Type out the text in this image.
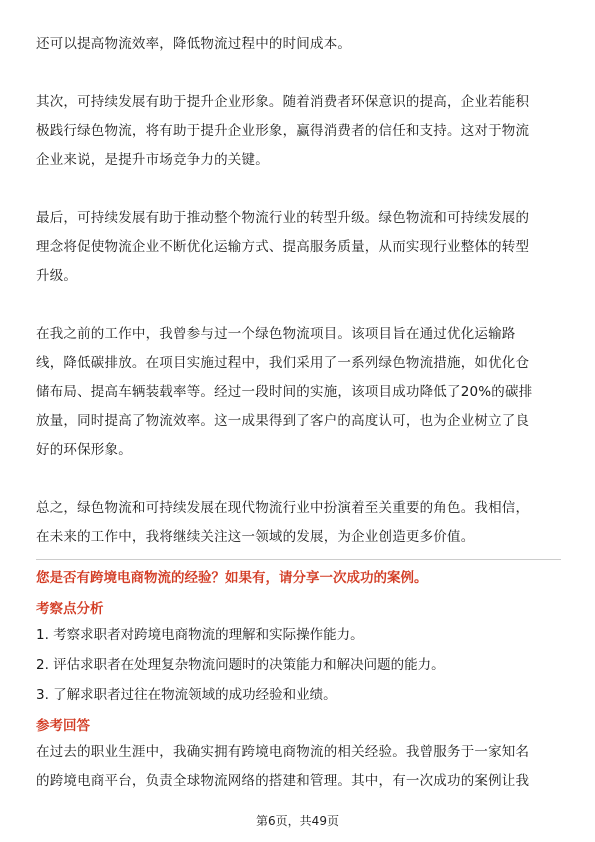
还可以提高物流效率，降低物流过程中的时间成本。

其次，可持续发展有助于提升企业形象。随着消费者环保意识的提高，企业若能积

极践行绿色物流，将有助于提升企业形象，赢得消费者的信任和支持。这对于物流

企业来说，是提升市场竞争力的关键。

最后，可持续发展有助于推动整个物流行业的转型升级。绿色物流和可持续发展的

理念将促使物流企业不断优化运输方式、提高服务质量，从而实现行业整体的转型

升级。

在我之前的工作中，我曾参与过一个绿色物流项目。该项目旨在通过优化运输路

线，降低碳排放。在项目实施过程中，我们采用了一系列绿色物流措施，如优化仓

储布局、提高车辆装载率等。经过一段时间的实施，该项目成功降低了20%的碳排

放量，同时提高了物流效率。这一成果得到了客户的高度认可，也为企业树立了良

好的环保形象。

总之，绿色物流和可持续发展在现代物流行业中扮演着至关重要的角色。我相信，

在未来的工作中，我将继续关注这一领域的发展，为企业创造更多价值。

您是否有跨境电商物流的经验？如果有，请分享一次成功的案例。
考察点分析
1. 考察求职者对跨境电商物流的理解和实际操作能力。
2. 评估求职者在处理复杂物流问题时的决策能力和解决问题的能力。
3. 了解求职者过往在物流领域的成功经验和业绩。
参考回答

在过去的职业生涯中，我确实拥有跨境电商物流的相关经验。我曾服务于一家知名

的跨境电商平台，负责全球物流网络的搭建和管理。其中，有一次成功的案例让我

第6页，共49页
